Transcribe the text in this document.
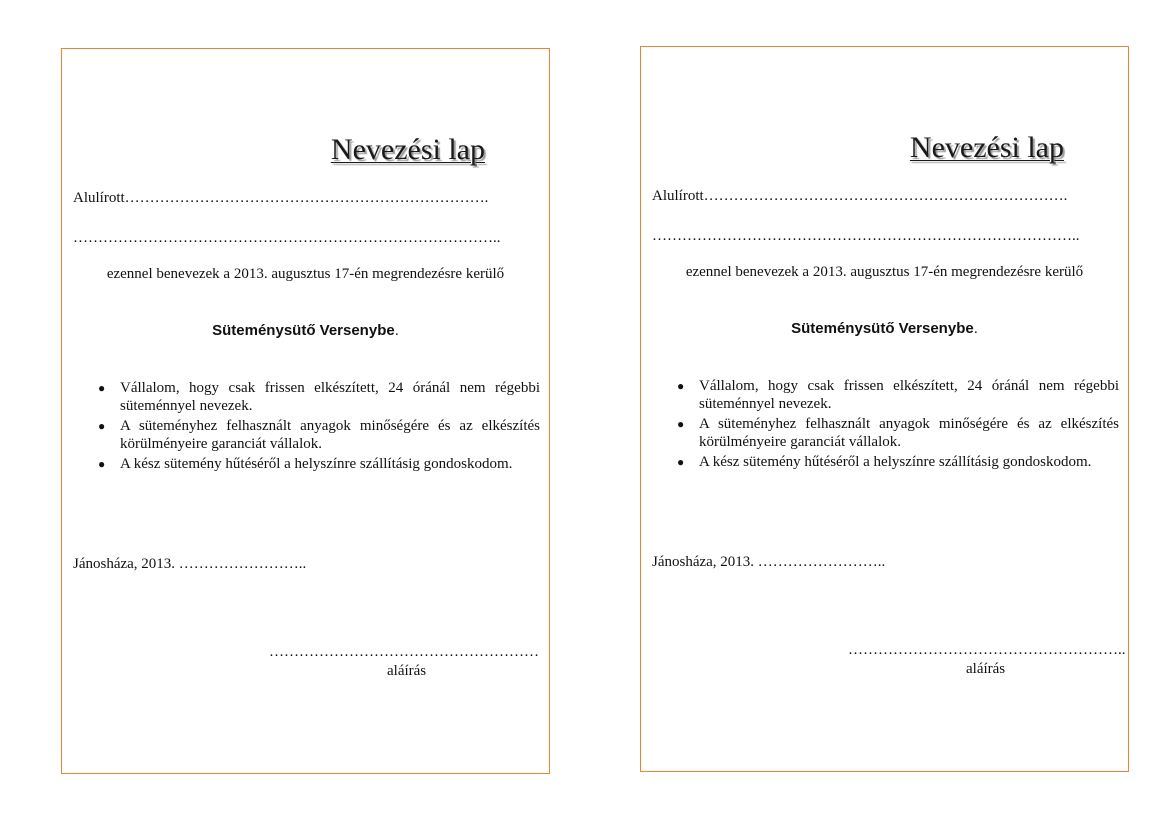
Nevezési lap

Alulírott……………………………………………………………….

…………………………………………………………………………..

ezennel benevezek a 2013. augusztus 17-én megrendezésre kerülő
Süteménysütő Versenybe.
● Vállalom, hogy csak frissen elkészített, 24 óránál nem régebbi süteménnyel nevezek.
● A süteményhez felhasznált anyagok minőségére és az elkészítés körülményeire garanciát vállalok.
● A kész sütemény hűtéséről a helyszínre szállításig gondoskodom.

Jánosháza, 2013. ……………………..

………………………………………………

aláírás

Nevezési lap

Alulírott……………………………………………………………….

…………………………………………………………………………..

ezennel benevezek a 2013. augusztus 17-én megrendezésre kerülő
Süteménysütő Versenybe.
● Vállalom, hogy csak frissen elkészített, 24 óránál nem régebbi süteménnyel nevezek.
● A süteményhez felhasznált anyagok minőségére és az elkészítés körülményeire garanciát vállalok.
● A kész sütemény hűtéséről a helyszínre szállításig gondoskodom.

Jánosháza, 2013. ……………………..

………………………………………………..

aláírás
